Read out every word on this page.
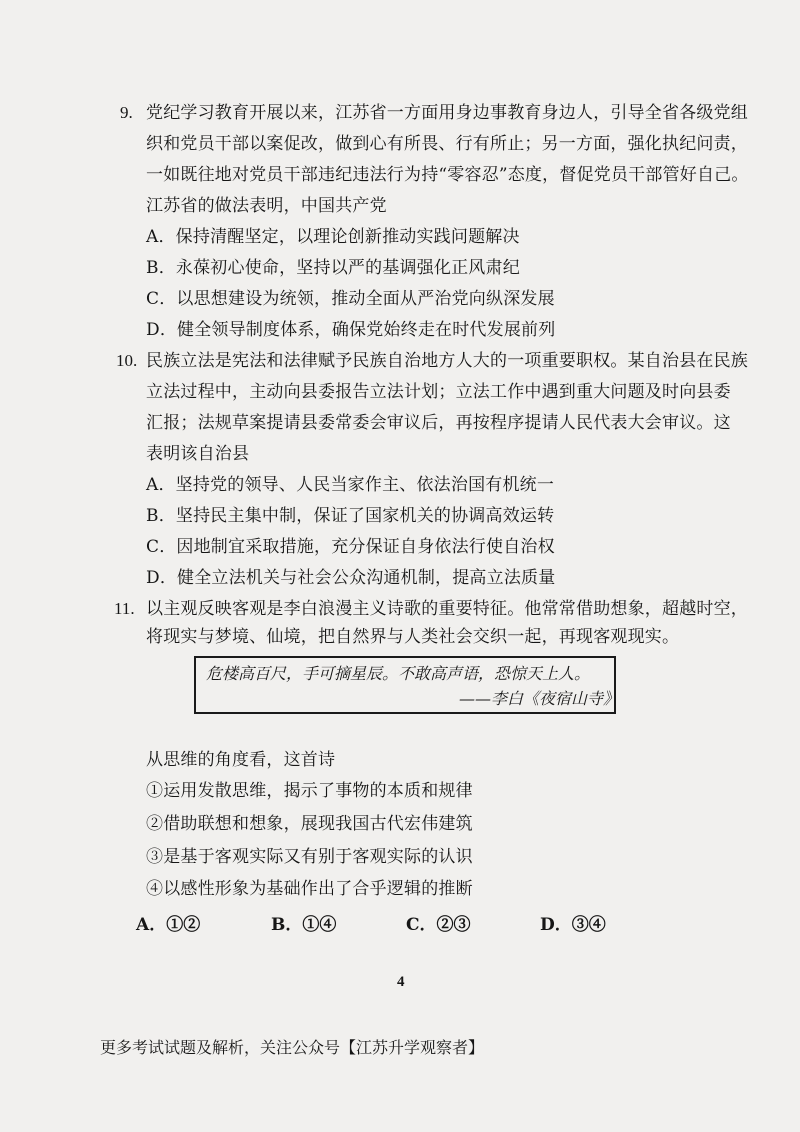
9. 党纪学习教育开展以来，江苏省一方面用身边事教育身边人，引导全省各级党组
织和党员干部以案促改，做到心有所畏、行有所止；另一方面，强化执纪问责，
一如既往地对党员干部违纪违法行为持“零容忍”态度，督促党员干部管好自己。
江苏省的做法表明，中国共产党
A．保持清醒坚定，以理论创新推动实践问题解决
B．永葆初心使命，坚持以严的基调强化正风肃纪
C．以思想建设为统领，推动全面从严治党向纵深发展
D．健全领导制度体系，确保党始终走在时代发展前列
10. 民族立法是宪法和法律赋予民族自治地方人大的一项重要职权。某自治县在民族
立法过程中，主动向县委报告立法计划；立法工作中遇到重大问题及时向县委
汇报；法规草案提请县委常委会审议后，再按程序提请人民代表大会审议。这
表明该自治县
A．坚持党的领导、人民当家作主、依法治国有机统一
B．坚持民主集中制，保证了国家机关的协调高效运转
C．因地制宜采取措施，充分保证自身依法行使自治权
D．健全立法机关与社会公众沟通机制，提高立法质量
11. 以主观反映客观是李白浪漫主义诗歌的重要特征。他常常借助想象，超越时空，
将现实与梦境、仙境，把自然界与人类社会交织一起，再现客观现实。
危楼高百尺，手可摘星辰。不敢高声语，恐惊天上人。
——李白《夜宿山寺》
从思维的角度看，这首诗
①运用发散思维，揭示了事物的本质和规律
②借助联想和想象，展现我国古代宏伟建筑
③是基于客观实际又有别于客观实际的认识
④以感性形象为基础作出了合乎逻辑的推断
A．①②	B．①④	C．②③	D．③④
4
更多考试试题及解析，关注公众号【江苏升学观察者】
